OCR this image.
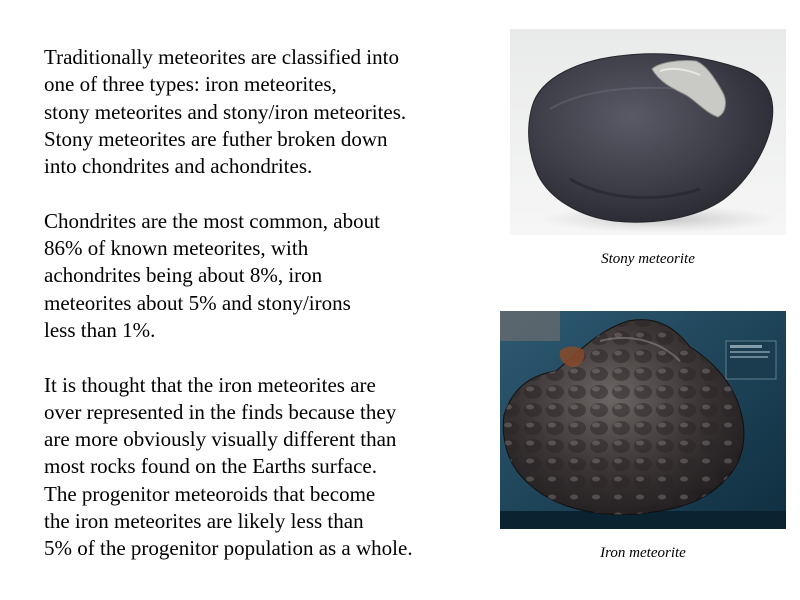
Traditionally meteorites are classified into
one of three types: iron meteorites,
stony meteorites and stony/iron meteorites.
Stony meteorites are futher broken down
into chondrites and achondrites.

Chondrites are the most common, about
86% of known meteorites, with
achondrites being about 8%, iron
meteorites about 5% and stony/irons
less than 1%.

It is thought that the iron meteorites are
over represented in the finds because they
are more obviously visually different than
most rocks found on the Earths surface.
The progenitor meteoroids that become
the iron meteorites are likely less than
5% of the progenitor population as a whole.

Stony meteorite
Iron meteorite
